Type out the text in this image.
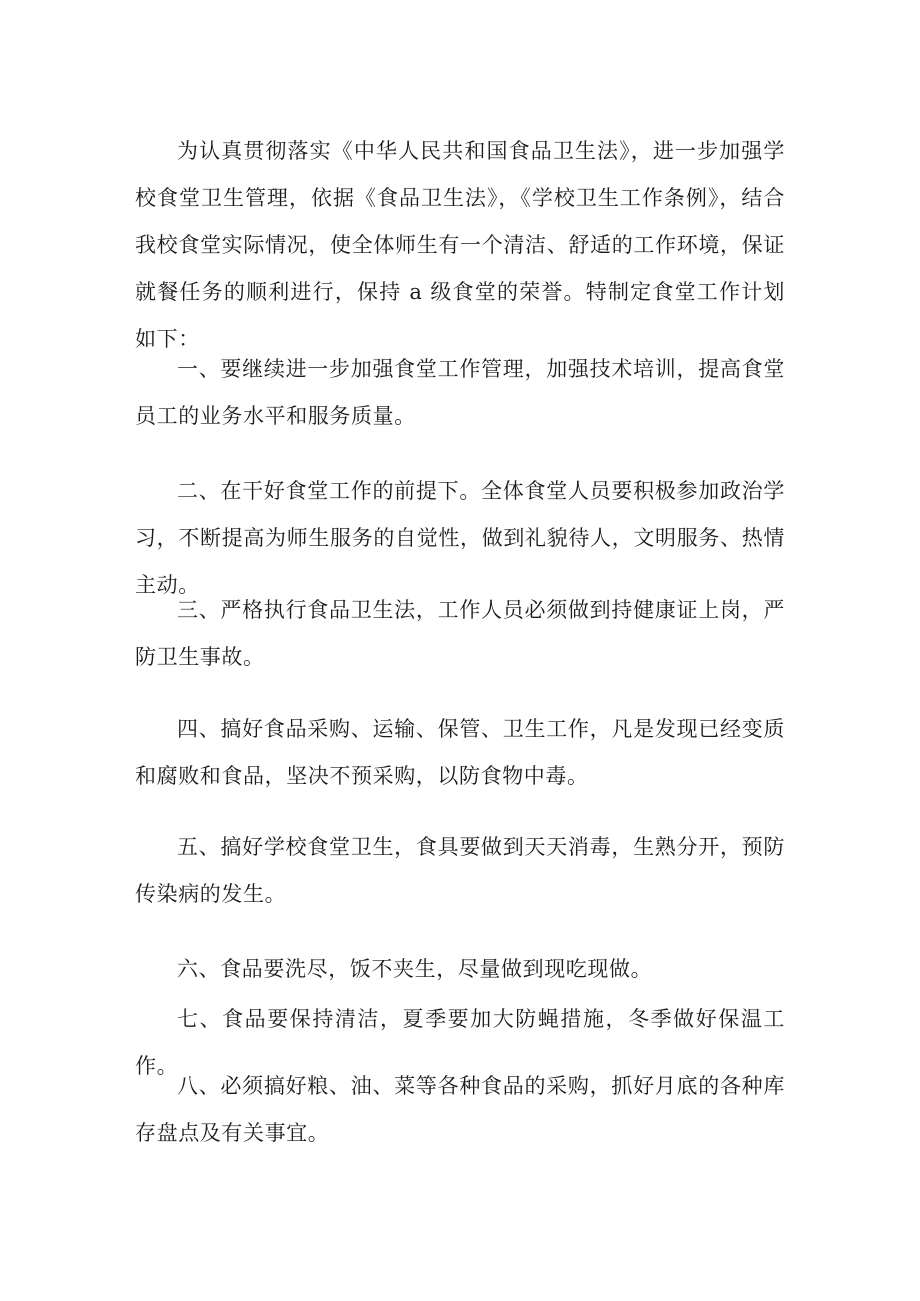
为认真贯彻落实《中华人民共和国食品卫生法》，进一步加强学校食堂卫生管理，依据《食品卫生法》，《学校卫生工作条例》，结合我校食堂实际情况，使全体师生有一个清洁、舒适的工作环境，保证就餐任务的顺利进行，保持 a 级食堂的荣誉。特制定食堂工作计划如下：

一、要继续进一步加强食堂工作管理，加强技术培训，提高食堂员工的业务水平和服务质量。

二、在干好食堂工作的前提下。全体食堂人员要积极参加政治学习，不断提高为师生服务的自觉性，做到礼貌待人，文明服务、热情主动。

三、严格执行食品卫生法，工作人员必须做到持健康证上岗，严防卫生事故。

四、搞好食品采购、运输、保管、卫生工作，凡是发现已经变质和腐败和食品，坚决不预采购，以防食物中毒。

五、搞好学校食堂卫生，食具要做到天天消毒，生熟分开，预防传染病的发生。

六、食品要洗尽，饭不夹生，尽量做到现吃现做。

七、食品要保持清洁，夏季要加大防蝇措施，冬季做好保温工作。

八、必须搞好粮、油、菜等各种食品的采购，抓好月底的各种库存盘点及有关事宜。
